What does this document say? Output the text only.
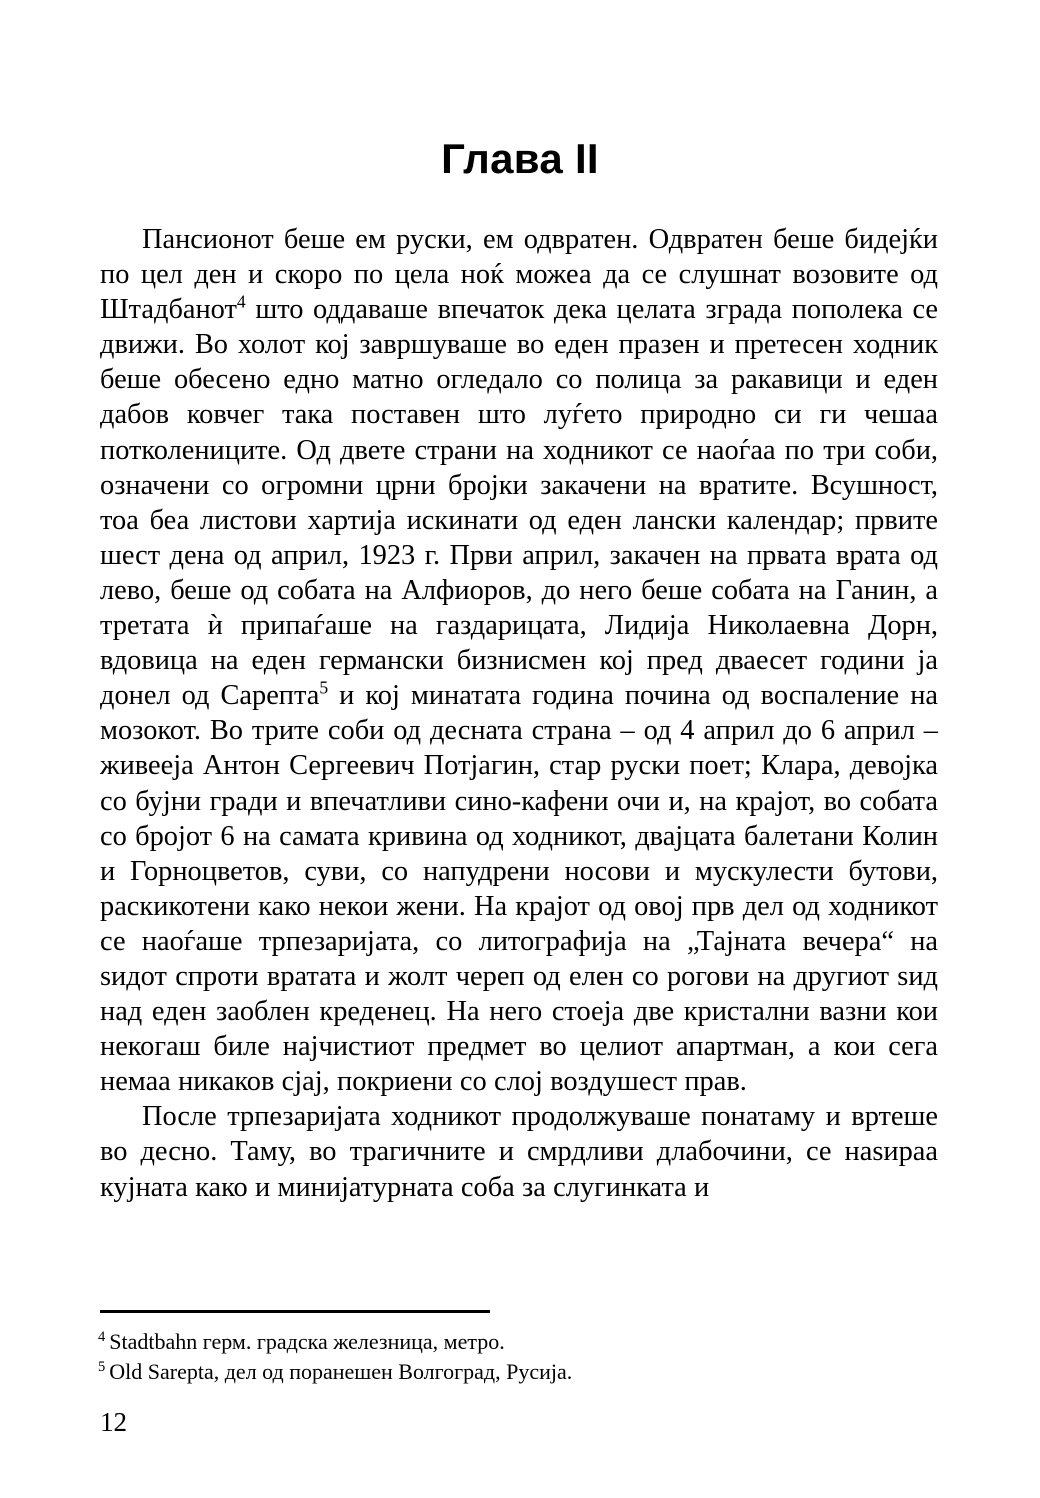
Глава II

Пансионот беше ем руски, ем одвратен. Одвратен беше бидејќи по цел ден и скоро по цела ноќ можеа да се слушнат возовите од Штадбанот$^4$ што оддаваше впечаток дека целата зграда пополека се движи. Во холот кој завршуваше во еден празен и претесен ходник беше обесено едно матно огледало со полица за ракавици и еден дабов ковчег така поставен што луѓето природно си ги чешаа потколениците. Од двете страни на ходникот се наоѓаа по три соби, означени со огромни црни бројки закачени на вратите. Всушност, тоа беа листови хартија искинати од еден лански календар; првите шест дена од април, 1923 г. Први април, закачен на првата врата од лево, беше од собата на Алфиоров, до него беше собата на Ганин, а третата ѝ припаѓаше на газдарицата, Лидија Николаевна Дорн, вдовица на еден германски бизнисмен кој пред дваесет години ја донел од Сарепта$^5$ и кој минатата година почина од воспаление на мозокот. Во трите соби од десната страна – од 4 април до 6 април – живееја Антон Сергеевич Потјагин, стар руски поет; Клара, девојка со бујни гради и впечатливи сино-кафени очи и, на крајот, во собата со бројот 6 на самата кривина од ходникот, двајцата балетани Колин и Горноцветов, суви, со напудрени носови и мускулести бутови, раскикотени како некои жени. На крајот од овој прв дел од ходникот се наоѓаше трпезаријата, со литографија на „Тајната вечера“ на ѕидот спроти вратата и жолт череп од елен со рогови на другиот ѕид над еден заоблен креденец. На него стоеја две кристални вазни кои некогаш биле најчистиот предмет во целиот апартман, а кои сега немаа никаков сјај, покриени со слој воздушест прав.

После трпезаријата ходникот продолжуваше понатаму и вртеше во десно. Таму, во трагичните и смрдливи длабочини, се наѕираа кујната како и минијатурната соба за слугинката и

$^4$ Stadtbahn герм. градска железница, метро.
$^5$ Old Sarepta, дел од поранешен Волгоград, Русија.
12
